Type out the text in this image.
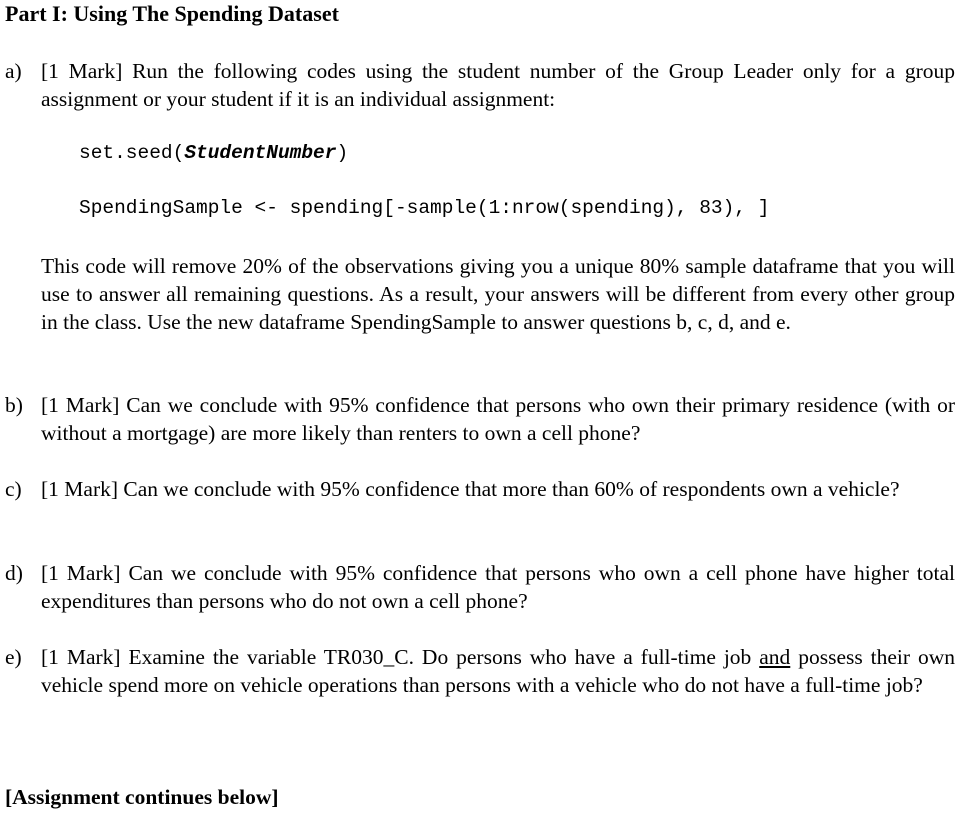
Part I: Using The Spending Dataset
a) [1 Mark] Run the following codes using the student number of the Group Leader only for a group assignment or your student if it is an individual assignment:
set.seed(StudentNumber)
SpendingSample <- spending[-sample(1:nrow(spending), 83), ]
This code will remove 20% of the observations giving you a unique 80% sample dataframe that you will use to answer all remaining questions. As a result, your answers will be different from every other group in the class. Use the new dataframe SpendingSample to answer questions b, c, d, and e.
b) [1 Mark] Can we conclude with 95% confidence that persons who own their primary residence (with or without a mortgage) are more likely than renters to own a cell phone?
c) [1 Mark] Can we conclude with 95% confidence that more than 60% of respondents own a vehicle?
d) [1 Mark] Can we conclude with 95% confidence that persons who own a cell phone have higher total expenditures than persons who do not own a cell phone?
e) [1 Mark] Examine the variable TR030_C. Do persons who have a full-time job and possess their own vehicle spend more on vehicle operations than persons with a vehicle who do not have a full-time job?
[Assignment continues below]
